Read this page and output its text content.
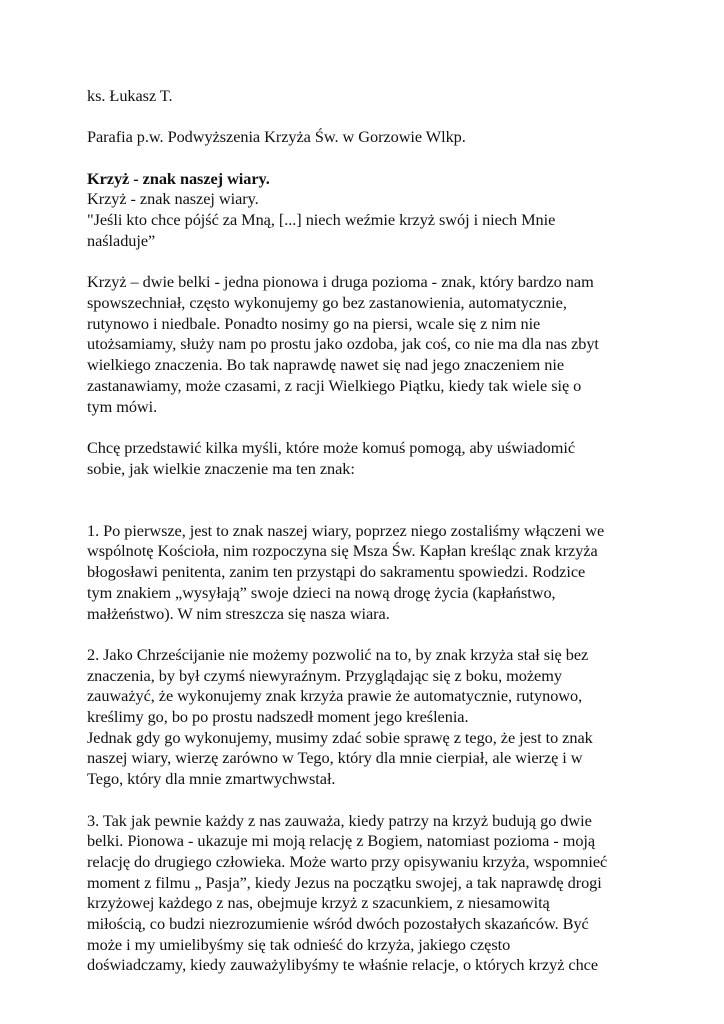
ks. Łukasz T.

Parafia p.w. Podwyższenia Krzyża Św. w Gorzowie Wlkp.

Krzyż - znak naszej wiary.

Krzyż - znak naszej wiary.

"Jeśli kto chce pójść za Mną, [...] niech weźmie krzyż swój i niech Mnie
naśladuje”

Krzyż – dwie belki - jedna pionowa i druga pozioma - znak, który bardzo nam
spowszechniał, często wykonujemy go bez zastanowienia, automatycznie,
rutynowo i niedbale. Ponadto nosimy go na piersi, wcale się z nim nie
utożsamiamy, służy nam po prostu jako ozdoba, jak coś, co nie ma dla nas zbyt
wielkiego znaczenia. Bo tak naprawdę nawet się nad jego znaczeniem nie
zastanawiamy, może czasami, z racji Wielkiego Piątku, kiedy tak wiele się o
tym mówi.

Chcę przedstawić kilka myśli, które może komuś pomogą, aby uświadomić
sobie, jak wielkie znaczenie ma ten znak:

1. Po pierwsze, jest to znak naszej wiary, poprzez niego zostaliśmy włączeni we
wspólnotę Kościoła, nim rozpoczyna się Msza Św. Kapłan kreśląc znak krzyża
błogosławi penitenta, zanim ten przystąpi do sakramentu spowiedzi. Rodzice
tym znakiem „wysyłają” swoje dzieci na nową drogę życia (kapłaństwo,
małżeństwo). W nim streszcza się nasza wiara.

2. Jako Chrześcijanie nie możemy pozwolić na to, by znak krzyża stał się bez
znaczenia, by był czymś niewyraźnym. Przyglądając się z boku, możemy
zauważyć, że wykonujemy znak krzyża prawie że automatycznie, rutynowo,
kreślimy go, bo po prostu nadszedł moment jego kreślenia.
Jednak gdy go wykonujemy, musimy zdać sobie sprawę z tego, że jest to znak
naszej wiary, wierzę zarówno w Tego, który dla mnie cierpiał, ale wierzę i w
Tego, który dla mnie zmartwychwstał.

3. Tak jak pewnie każdy z nas zauważa, kiedy patrzy na krzyż budują go dwie
belki. Pionowa - ukazuje mi moją relację z Bogiem, natomiast pozioma - moją
relację do drugiego człowieka. Może warto przy opisywaniu krzyża, wspomnieć
moment z filmu „ Pasja”, kiedy Jezus na początku swojej, a tak naprawdę drogi
krzyżowej każdego z nas, obejmuje krzyż z szacunkiem, z niesamowitą
miłością, co budzi niezrozumienie wśród dwóch pozostałych skazańców. Być
może i my umielibyśmy się tak odnieść do krzyża, jakiego często
doświadczamy, kiedy zauważylibyśmy te właśnie relacje, o których krzyż chce
